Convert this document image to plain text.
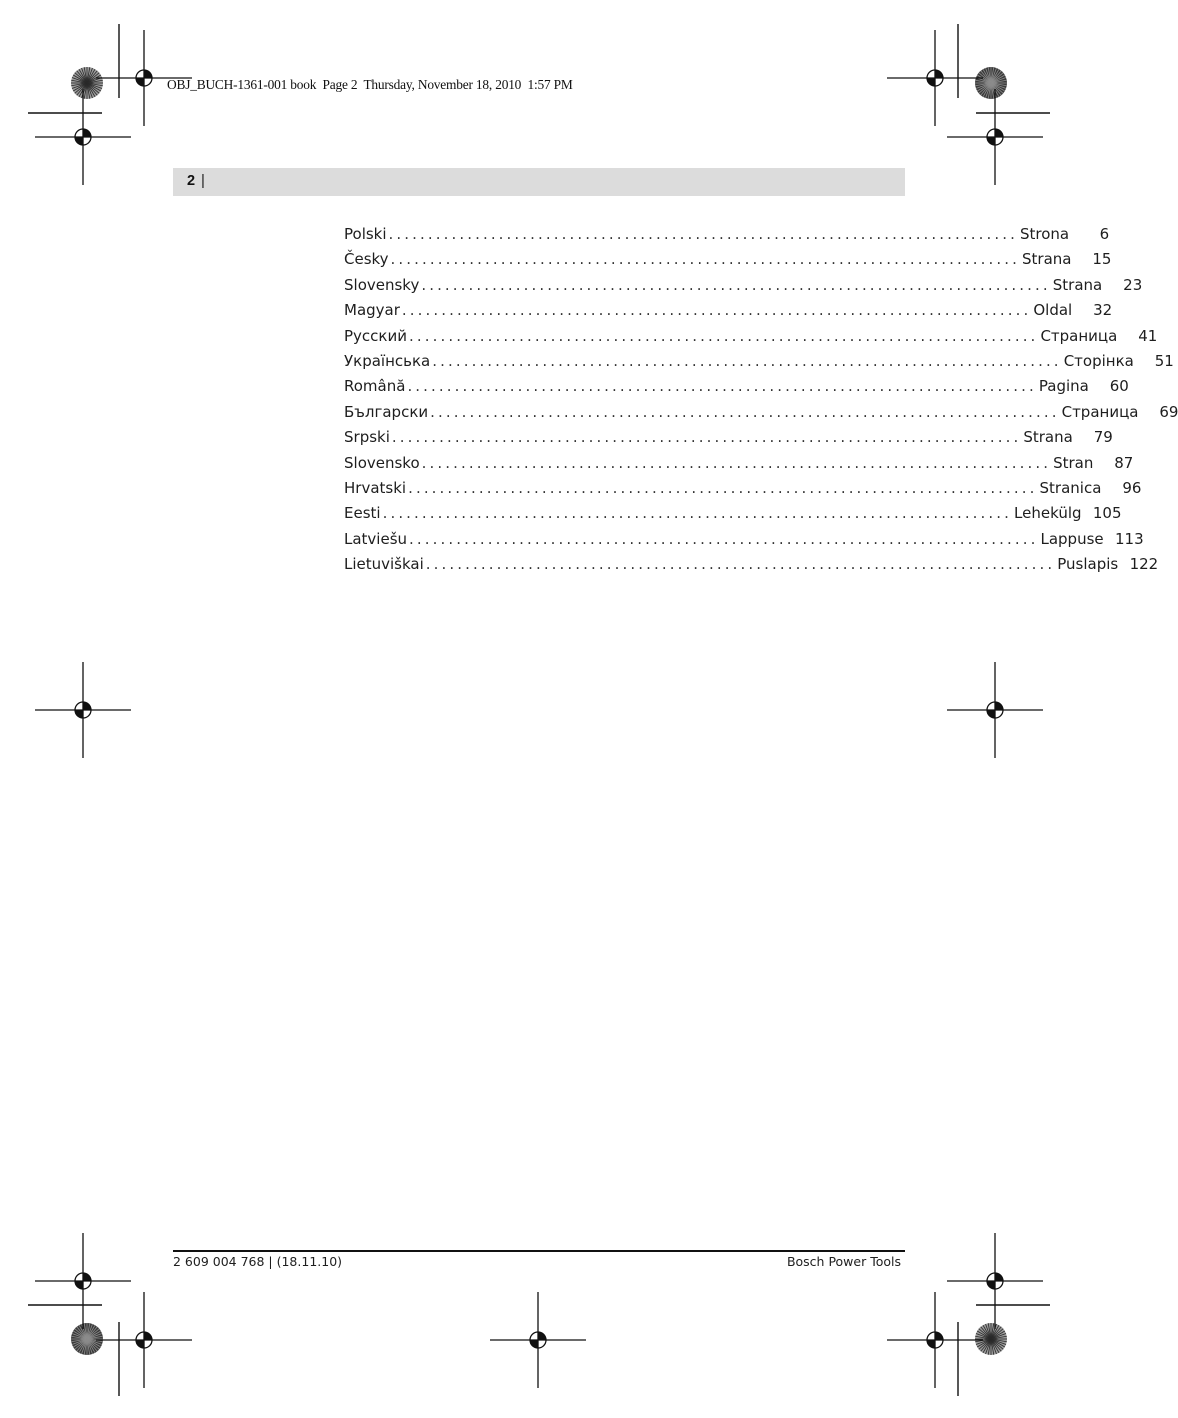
OBJ_BUCH-1361-001 book  Page 2  Thursday, November 18, 2010  1:57 PM
2 |
Polski ................................................................................ Strona	6
Česky ................................................................................ Strana	15
Slovensky ................................................................................ Strana	23
Magyar ................................................................................ Oldal	32
Русский ................................................................................ Страница	41
Українська ................................................................................ Сторінка	51
Română ................................................................................ Pagina	60
Български ................................................................................ Страница	69
Srpski ................................................................................ Strana	79
Slovensko ................................................................................ Stran	87
Hrvatski ................................................................................ Stranica	96
Eesti ................................................................................ Lehekülg 105
Latviešu ................................................................................ Lappuse 113
Lietuviškai ................................................................................ Puslapis 122
2 609 004 768 | (18.11.10)	Bosch Power Tools
